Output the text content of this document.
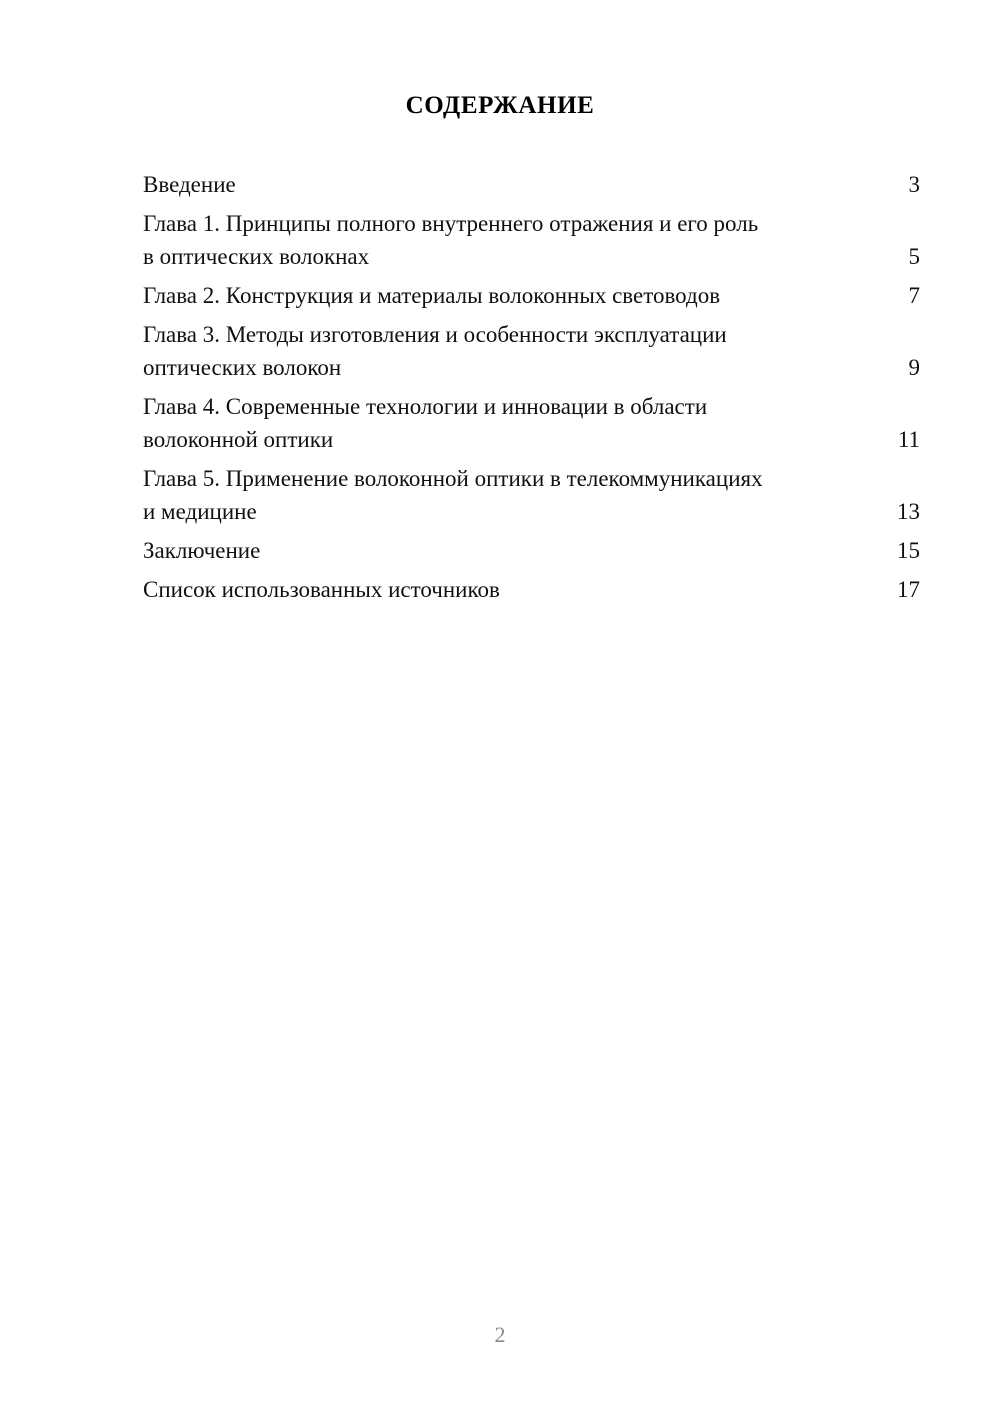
СОДЕРЖАНИЕ
Введение	3
Глава 1. Принципы полного внутреннего отражения и его роль
в оптических волокнах	5
Глава 2. Конструкция и материалы волоконных световодов	7
Глава 3. Методы изготовления и особенности эксплуатации
оптических волокон	9
Глава 4. Современные технологии и инновации в области
волоконной оптики	11
Глава 5. Применение волоконной оптики в телекоммуникациях
и медицине	13
Заключение	15
Список использованных источников	17
2
